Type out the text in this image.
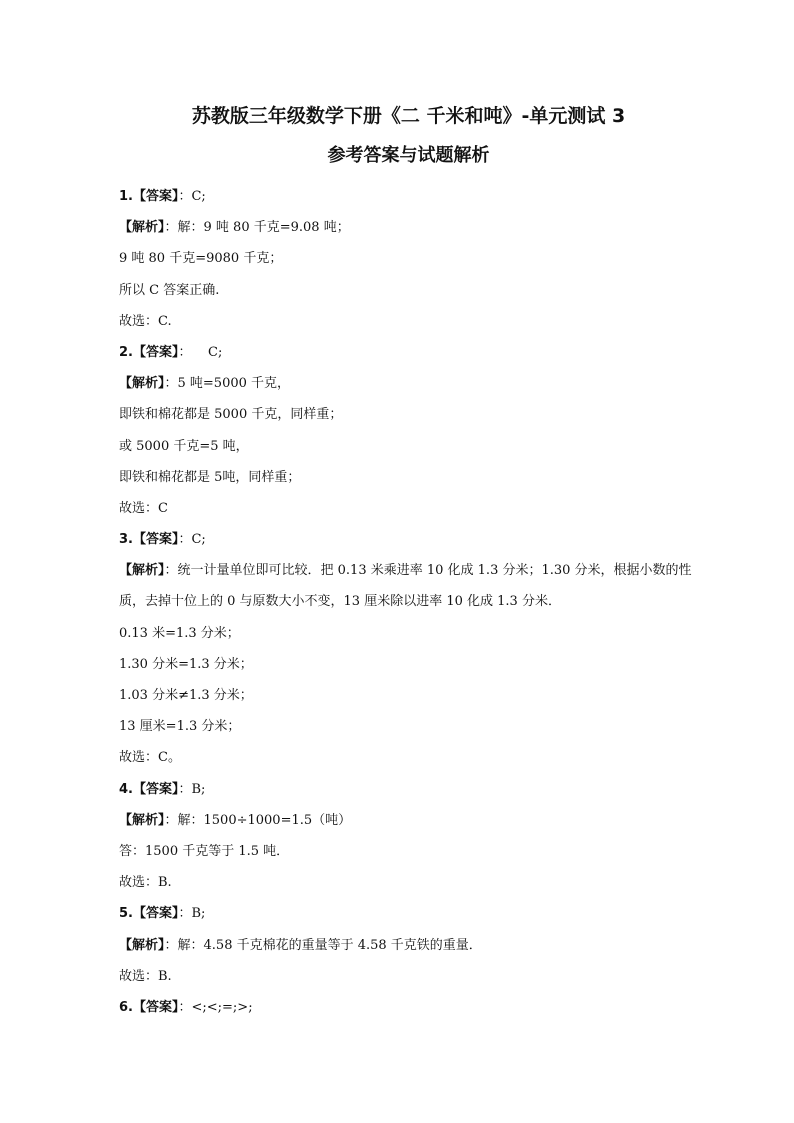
苏教版三年级数学下册《二 千米和吨》-单元测试 3
参考答案与试题解析
1.【答案】：C;
【解析】：解：9 吨 80 千克=9.08 吨；
9 吨 80 千克=9080 千克；
所以 C 答案正确.
故选：C.
2.【答案】：    C;
【解析】：5 吨=5000 千克，
即铁和棉花都是 5000 千克，同样重；
或 5000 千克=5 吨，
即铁和棉花都是 5吨，同样重；
故选：C
3.【答案】：C;
【解析】：统一计量单位即可比较．把 0.13 米乘进率 10 化成 1.3 分米；1.30 分米，根据小数的性质，去掉十位上的 0 与原数大小不变，13 厘米除以进率 10 化成 1.3 分米．
0.13 米=1.3 分米；
1.30 分米=1.3 分米；
1.03 分米≠1.3 分米；
13 厘米=1.3 分米；
故选：C。
4.【答案】：B;
【解析】：解：1500÷1000=1.5（吨）
答：1500 千克等于 1.5 吨．
故选：B.
5.【答案】：B;
【解析】：解：4.58 千克棉花的重量等于 4.58 千克铁的重量．
故选：B.
6.【答案】：<;<;=;>;
